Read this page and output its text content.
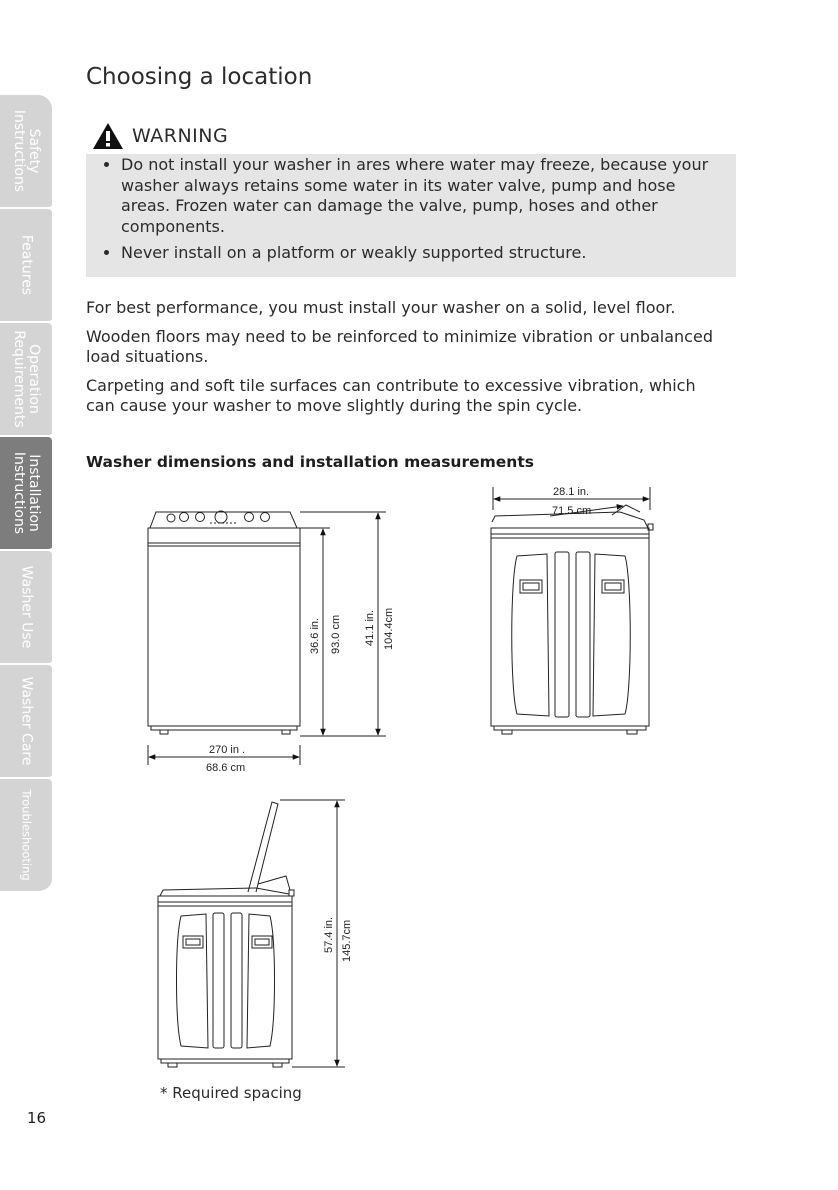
Safety
Instructions
Features
Operation
Requirements
Installation
Instructions
Washer Use
Washer Care
Troubleshooting
Choosing a location
WARNING
• Do not install your washer in ares where water may freeze, because your washer always retains some water in its water valve, pump and hose areas. Frozen water can damage the valve, pump, hoses and other components.
• Never install on a platform or weakly supported structure.

For best performance, you must install your washer on a solid, level floor.

Wooden floors may need to be reinforced to minimize vibration or unbalanced load situations.

Carpeting and soft tile surfaces can contribute to excessive vibration, which can cause your washer to move slightly during the spin cycle.

Washer dimensions and installation measurements
270 in .
68.6 cm
36.6 in. 93.0 cm 41.1 in. 104.4cm
28.1 in.
71.5 cm
57.4 in. 145.7cm
* Required spacing
16
